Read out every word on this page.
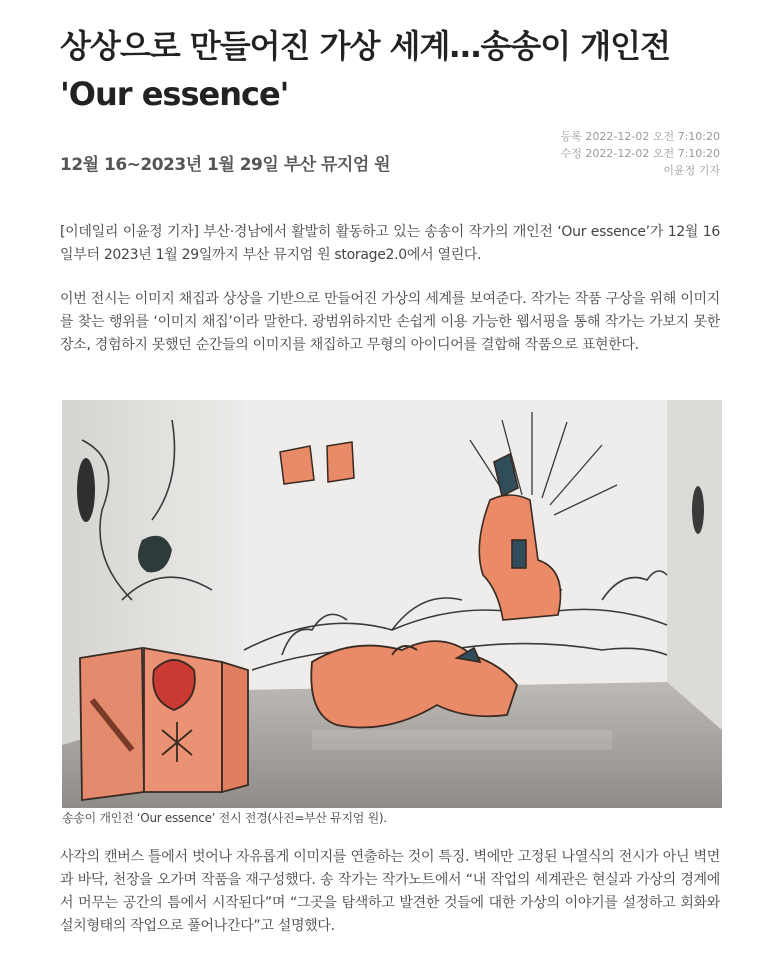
상상으로 만들어진 가상 세계…송송이 개인전 'Our essence'
12월 16~2023년 1월 29일 부산 뮤지엄 원
등록 2022-12-02 오전 7:10:20
수정 2022-12-02 오전 7:10:20
이윤정 기자

[이데일리 이윤정 기자] 부산·경남에서 활발히 활동하고 있는 송송이 작가의 개인전 ‘Our essence’가 12월 16일부터 2023년 1월 29일까지 부산 뮤지엄 원 storage2.0에서 열린다.

이번 전시는 이미지 채집과 상상을 기반으로 만들어진 가상의 세계를 보여준다. 작가는 작품 구상을 위해 이미지를 찾는 행위를 ‘이미지 채집’이라 말한다. 광범위하지만 손쉽게 이용 가능한 웹서핑을 통해 작가는 가보지 못한 장소, 경험하지 못했던 순간들의 이미지를 채집하고 무형의 아이디어를 결합해 작품으로 표현한다.

송송이 개인전 ‘Our essence’ 전시 전경(사진=부산 뮤지엄 원).

사각의 캔버스 틀에서 벗어나 자유롭게 이미지를 연출하는 것이 특징. 벽에만 고정된 나열식의 전시가 아닌 벽면과 바닥, 천장을 오가며 작품을 재구성했다. 송 작가는 작가노트에서 “내 작업의 세계관은 현실과 가상의 경계에서 머무는 공간의 틈에서 시작된다”며 “그곳을 탐색하고 발견한 것들에 대한 가상의 이야기를 설정하고 회화와 설치형태의 작업으로 풀어나간다”고 설명했다.
